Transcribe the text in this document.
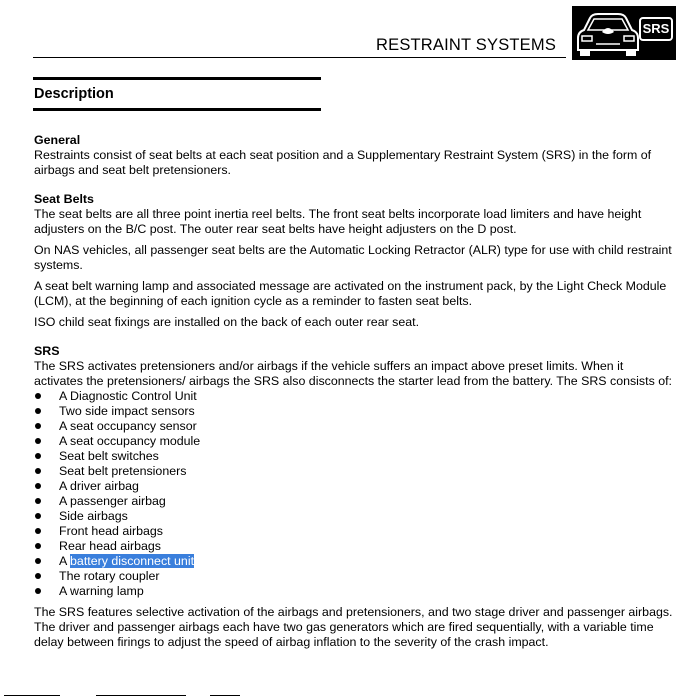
RESTRAINT SYSTEMS
SRS
Description
General

Restraints consist of seat belts at each seat position and a Supplementary Restraint System (SRS) in the form of airbags and seat belt pretensioners.

Seat Belts

The seat belts are all three point inertia reel belts. The front seat belts incorporate load limiters and have height adjusters on the B/C post. The outer rear seat belts have height adjusters on the D post.

On NAS vehicles, all passenger seat belts are the Automatic Locking Retractor (ALR) type for use with child restraint systems.

A seat belt warning lamp and associated message are activated on the instrument pack, by the Light Check Module (LCM), at the beginning of each ignition cycle as a reminder to fasten seat belts.

ISO child seat fixings are installed on the back of each outer rear seat.

SRS

The SRS activates pretensioners and/or airbags if the vehicle suffers an impact above preset limits. When it activates the pretensioners/ airbags the SRS also disconnects the starter lead from the battery. The SRS consists of:

A Diagnostic Control Unit
Two side impact sensors
A seat occupancy sensor
A seat occupancy module
Seat belt switches
Seat belt pretensioners
A driver airbag
A passenger airbag
Side airbags
Front head airbags
Rear head airbags
A battery disconnect unit
The rotary coupler
A warning lamp

The SRS features selective activation of the airbags and pretensioners, and two stage driver and passenger airbags. The driver and passenger airbags each have two gas generators which are fired sequentially, with a variable time delay between firings to adjust the speed of airbag inflation to the severity of the crash impact.
